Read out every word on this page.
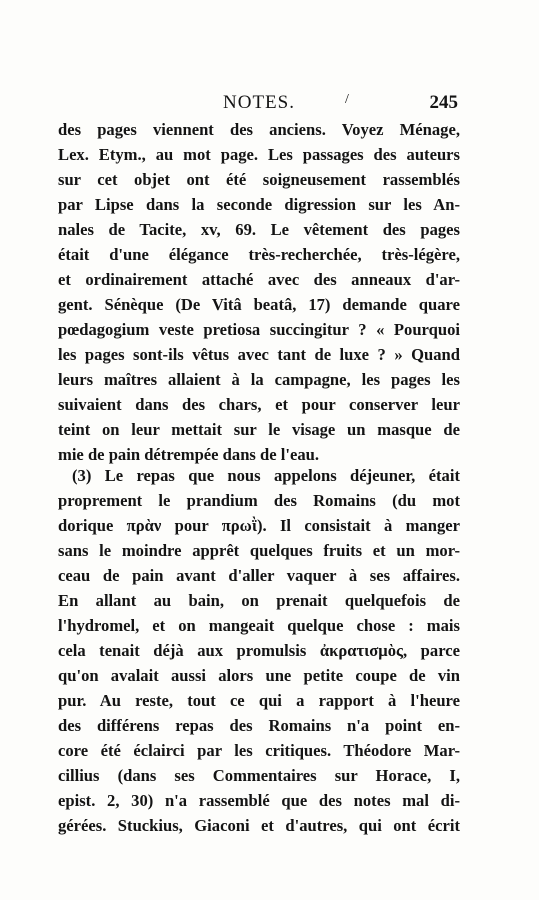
NOTES.	/	245
des pages viennent des anciens. Voyez Ménage,
Lex. Etym., au mot page. Les passages des auteurs
sur cet objet ont été soigneusement rassemblés
par Lipse dans la seconde digression sur les An-
nales de Tacite, xv, 69. Le vêtement des pages
était d'une élégance très-recherchée, très-légère,
et ordinairement attaché avec des anneaux d'ar-
gent. Sénèque (De Vitâ beatâ, 17) demande quare
pœdagogium veste pretiosa succingitur ? « Pourquoi
les pages sont-ils vêtus avec tant de luxe ? » Quand
leurs maîtres allaient à la campagne, les pages les
suivaient dans des chars, et pour conserver leur
teint on leur mettait sur le visage un masque de
mie de pain détrempée dans de l'eau.
(3) Le repas que nous appelons déjeuner, était
proprement le prandium des Romains (du mot
dorique πρὰν pour πρωῒ). Il consistait à manger
sans le moindre apprêt quelques fruits et un mor-
ceau de pain avant d'aller vaquer à ses affaires.
En allant au bain, on prenait quelquefois de
l'hydromel, et on mangeait quelque chose : mais
cela tenait déjà aux promulsis ἀκρατισμὸς, parce
qu'on avalait aussi alors une petite coupe de vin
pur. Au reste, tout ce qui a rapport à l'heure
des différens repas des Romains n'a point en-
core été éclairci par les critiques. Théodore Mar-
cillius (dans ses Commentaires sur Horace, I,
epist. 2, 30) n'a rassemblé que des notes mal di-
gérées. Stuckius, Giaconi et d'autres, qui ont écrit
